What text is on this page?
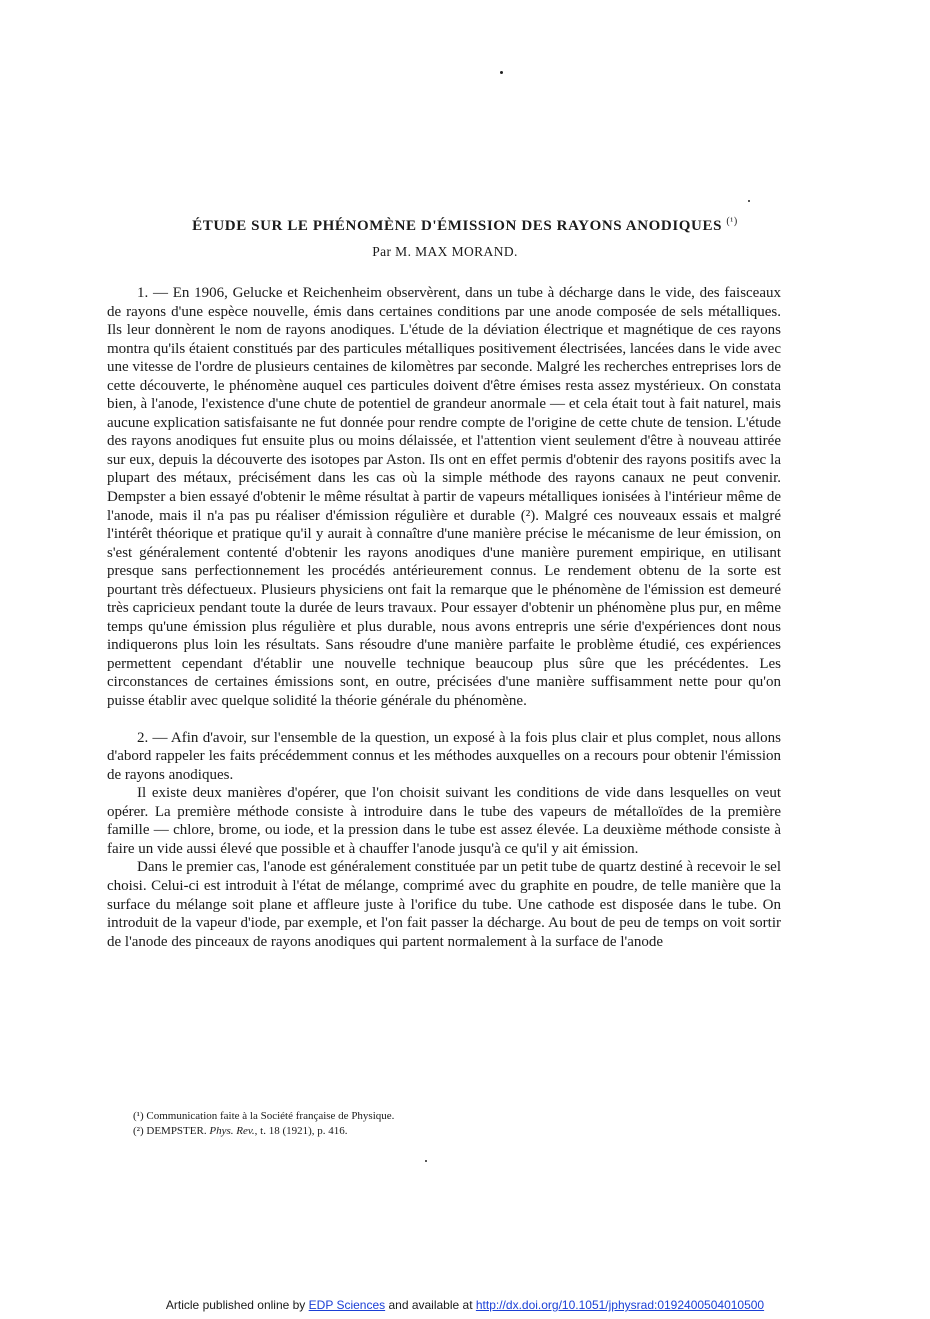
ÉTUDE SUR LE PHÉNOMÈNE D'ÉMISSION DES RAYONS ANODIQUES $^{(^1)}$
Par M. MAX MORAND.

1. — En 1906, Gelucke et Reichenheim observèrent, dans un tube à décharge dans le vide, des faisceaux de rayons d'une espèce nouvelle, émis dans certaines conditions par une anode composée de sels métalliques. Ils leur donnèrent le nom de rayons anodiques. L'étude de la déviation électrique et magnétique de ces rayons montra qu'ils étaient constitués par des particules métalliques positivement électrisées, lancées dans le vide avec une vitesse de l'ordre de plusieurs centaines de kilomètres par seconde. Malgré les recherches entreprises lors de cette découverte, le phénomène auquel ces particules doivent d'être émises resta assez mystérieux. On constata bien, à l'anode, l'existence d'une chute de potentiel de grandeur anormale — et cela était tout à fait naturel, mais aucune explication satisfaisante ne fut donnée pour rendre compte de l'origine de cette chute de tension. L'étude des rayons anodiques fut ensuite plus ou moins délaissée, et l'attention vient seulement d'être à nouveau attirée sur eux, depuis la découverte des isotopes par Aston. Ils ont en effet permis d'obtenir des rayons positifs avec la plupart des métaux, précisément dans les cas où la simple méthode des rayons canaux ne peut convenir. Dempster a bien essayé d'obtenir le même résultat à partir de vapeurs métalliques ionisées à l'intérieur même de l'anode, mais il n'a pas pu réaliser d'émission régulière et durable (²). Malgré ces nouveaux essais et malgré l'intérêt théorique et pratique qu'il y aurait à connaître d'une manière précise le mécanisme de leur émission, on s'est généralement contenté d'obtenir les rayons anodiques d'une manière purement empirique, en utilisant presque sans perfectionnement les procédés antérieurement connus. Le rendement obtenu de la sorte est pourtant très défectueux. Plusieurs physiciens ont fait la remarque que le phénomène de l'émission est demeuré très capricieux pendant toute la durée de leurs travaux. Pour essayer d'obtenir un phénomène plus pur, en même temps qu'une émission plus régulière et plus durable, nous avons entrepris une série d'expériences dont nous indiquerons plus loin les résultats. Sans résoudre d'une manière parfaite le problème étudié, ces expériences permettent cependant d'établir une nouvelle technique beaucoup plus sûre que les précédentes. Les circonstances de certaines émissions sont, en outre, précisées d'une manière suffisamment nette pour qu'on puisse établir avec quelque solidité la théorie générale du phénomène.

2. — Afin d'avoir, sur l'ensemble de la question, un exposé à la fois plus clair et plus complet, nous allons d'abord rappeler les faits précédemment connus et les méthodes auxquelles on a recours pour obtenir l'émission de rayons anodiques.

Il existe deux manières d'opérer, que l'on choisit suivant les conditions de vide dans lesquelles on veut opérer. La première méthode consiste à introduire dans le tube des vapeurs de métalloïdes de la première famille — chlore, brome, ou iode, et la pression dans le tube est assez élevée. La deuxième méthode consiste à faire un vide aussi élevé que possible et à chauffer l'anode jusqu'à ce qu'il y ait émission.

Dans le premier cas, l'anode est généralement constituée par un petit tube de quartz destiné à recevoir le sel choisi. Celui-ci est introduit à l'état de mélange, comprimé avec du graphite en poudre, de telle manière que la surface du mélange soit plane et affleure juste à l'orifice du tube. Une cathode est disposée dans le tube. On introduit de la vapeur d'iode, par exemple, et l'on fait passer la décharge. Au bout de peu de temps on voit sortir de l'anode des pinceaux de rayons anodiques qui partent normalement à la surface de l'anode

(¹) Communication faite à la Société française de Physique.
(²) DEMPSTER. Phys. Rev., t. 18 (1921), p. 416.
Article published online by EDP Sciences and available at http://dx.doi.org/10.1051/jphysrad:0192400504010500
